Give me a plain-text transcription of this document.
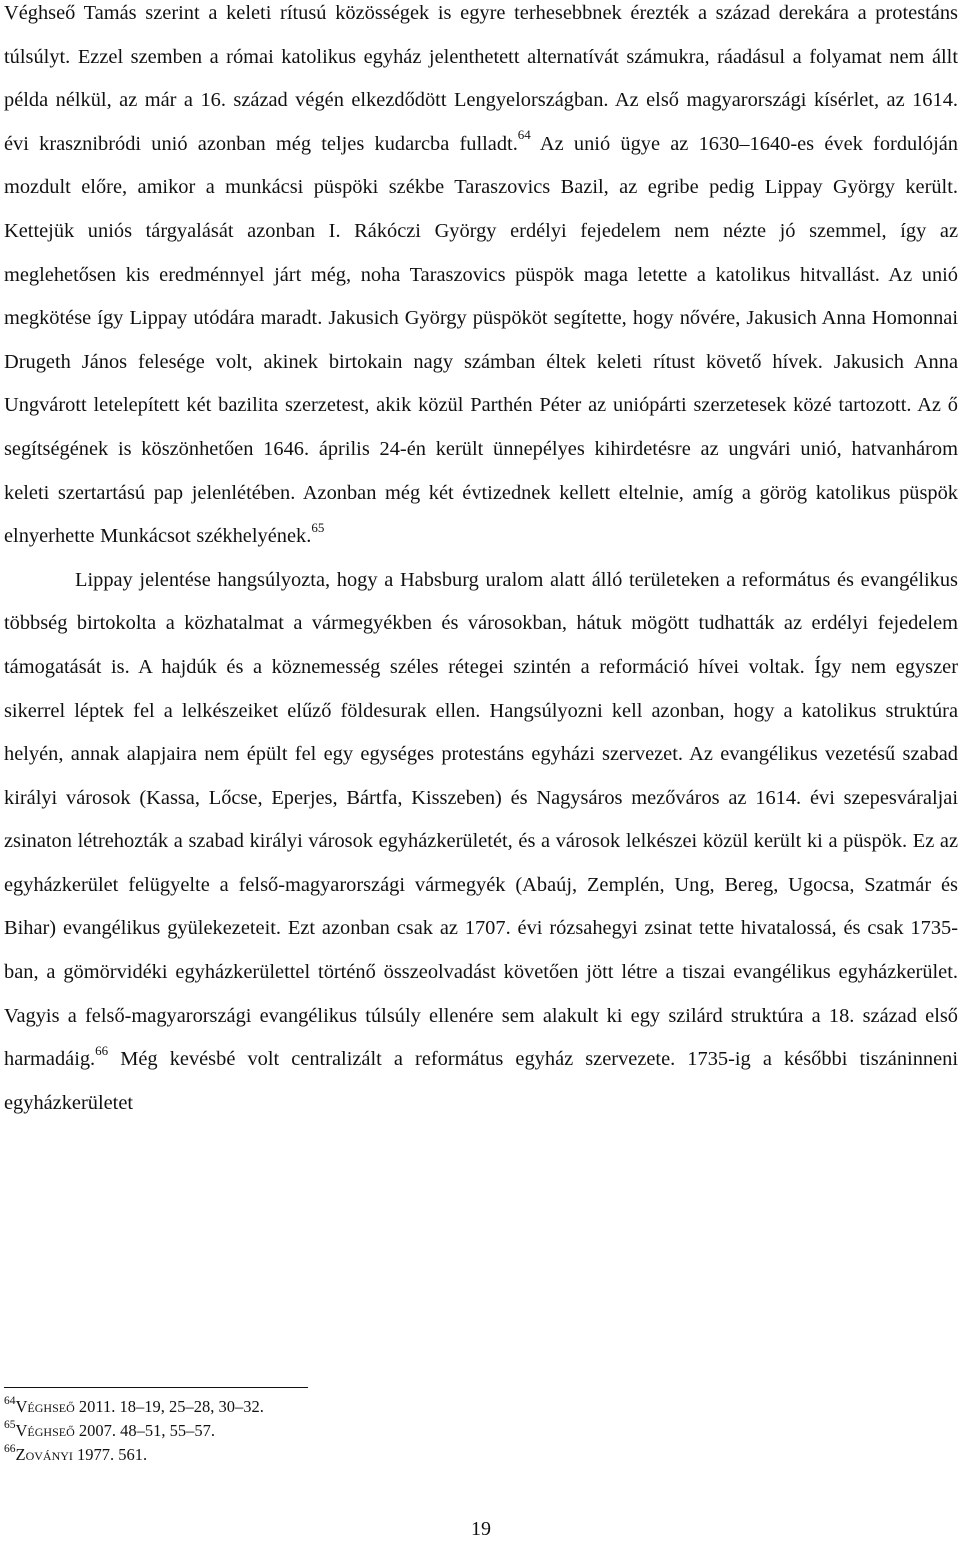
Véghseő Tamás szerint a keleti rítusú közösségek is egyre terhesebbnek érezték a század derekára a protestáns túlsúlyt. Ezzel szemben a római katolikus egyház jelenthetett alternatívát számukra, ráadásul a folyamat nem állt példa nélkül, az már a 16. század végén elkezdődött Lengyelországban. Az első magyarországi kísérlet, az 1614. évi krasznibródi unió azonban még teljes kudarcba fulladt.$^{64}$ Az unió ügye az 1630–1640-es évek fordulóján mozdult előre, amikor a munkácsi püspöki székbe Taraszovics Bazil, az egribe pedig Lippay György került. Kettejük uniós tárgyalását azonban I. Rákóczi György erdélyi fejedelem nem nézte jó szemmel, így az meglehetősen kis eredménnyel járt még, noha Taraszovics püspök maga letette a katolikus hitvallást. Az unió megkötése így Lippay utódára maradt. Jakusich György püspököt segítette, hogy nővére, Jakusich Anna Homonnai Drugeth János felesége volt, akinek birtokain nagy számban éltek keleti rítust követő hívek. Jakusich Anna Ungvárott letelepített két bazilita szerzetest, akik közül Parthén Péter az uniópárti szerzetesek közé tartozott. Az ő segítségének is köszönhetően 1646. április 24-én került ünnepélyes kihirdetésre az ungvári unió, hatvanhárom keleti szertartású pap jelenlétében. Azonban még két évtizednek kellett eltelnie, amíg a görög katolikus püspök elnyerhette Munkácsot székhelyének.$^{65}$

Lippay jelentése hangsúlyozta, hogy a Habsburg uralom alatt álló területeken a református és evangélikus többség birtokolta a közhatalmat a vármegyékben és városokban, hátuk mögött tudhatták az erdélyi fejedelem támogatását is. A hajdúk és a köznemesség széles rétegei szintén a reformáció hívei voltak. Így nem egyszer sikerrel léptek fel a lelkészeiket elűző földesurak ellen. Hangsúlyozni kell azonban, hogy a katolikus struktúra helyén, annak alapjaira nem épült fel egy egységes protestáns egyházi szervezet. Az evangélikus vezetésű szabad királyi városok (Kassa, Lőcse, Eperjes, Bártfa, Kisszeben) és Nagysáros mezőváros az 1614. évi szepesváraljai zsinaton létrehozták a szabad királyi városok egyházkerületét, és a városok lelkészei közül került ki a püspök. Ez az egyházkerület felügyelte a felső-magyarországi vármegyék (Abaúj, Zemplén, Ung, Bereg, Ugocsa, Szatmár és Bihar) evangélikus gyülekezeteit. Ezt azonban csak az 1707. évi rózsahegyi zsinat tette hivatalossá, és csak 1735-ban, a gömörvidéki egyházkerülettel történő összeolvadást követően jött létre a tiszai evangélikus egyházkerület. Vagyis a felső-magyarországi evangélikus túlsúly ellenére sem alakult ki egy szilárd struktúra a 18. század első harmadáig.$^{66}$ Még kevésbé volt centralizált a református egyház szervezete. 1735-ig a későbbi tiszáninneni egyházkerületet

$^{64}$Véghseő 2011. 18–19, 25–28, 30–32.

$^{65}$Véghseő 2007. 48–51, 55–57.

$^{66}$Zoványi 1977. 561.

19
